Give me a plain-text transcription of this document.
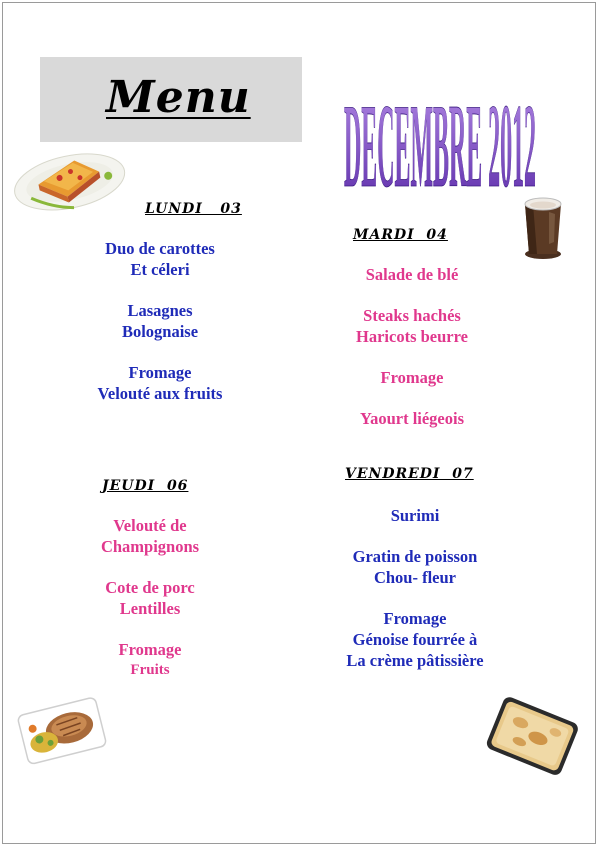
Menu DECEMBRE 2012
LUNDI   03
Duo de carottes
Et céleri
Lasagnes
Bolognaise
Fromage
Velouté aux fruits
MARDI  04
Salade de blé
Steaks hachés
Haricots beurre
Fromage
Yaourt liégeois
JEUDI  06
Velouté de
Champignons
Cote de porc
Lentilles
Fromage
Fruits
VENDREDI  07
Surimi
Gratin de poisson
Chou- fleur
Fromage
Génoise fourrée à
La crème pâtissière
